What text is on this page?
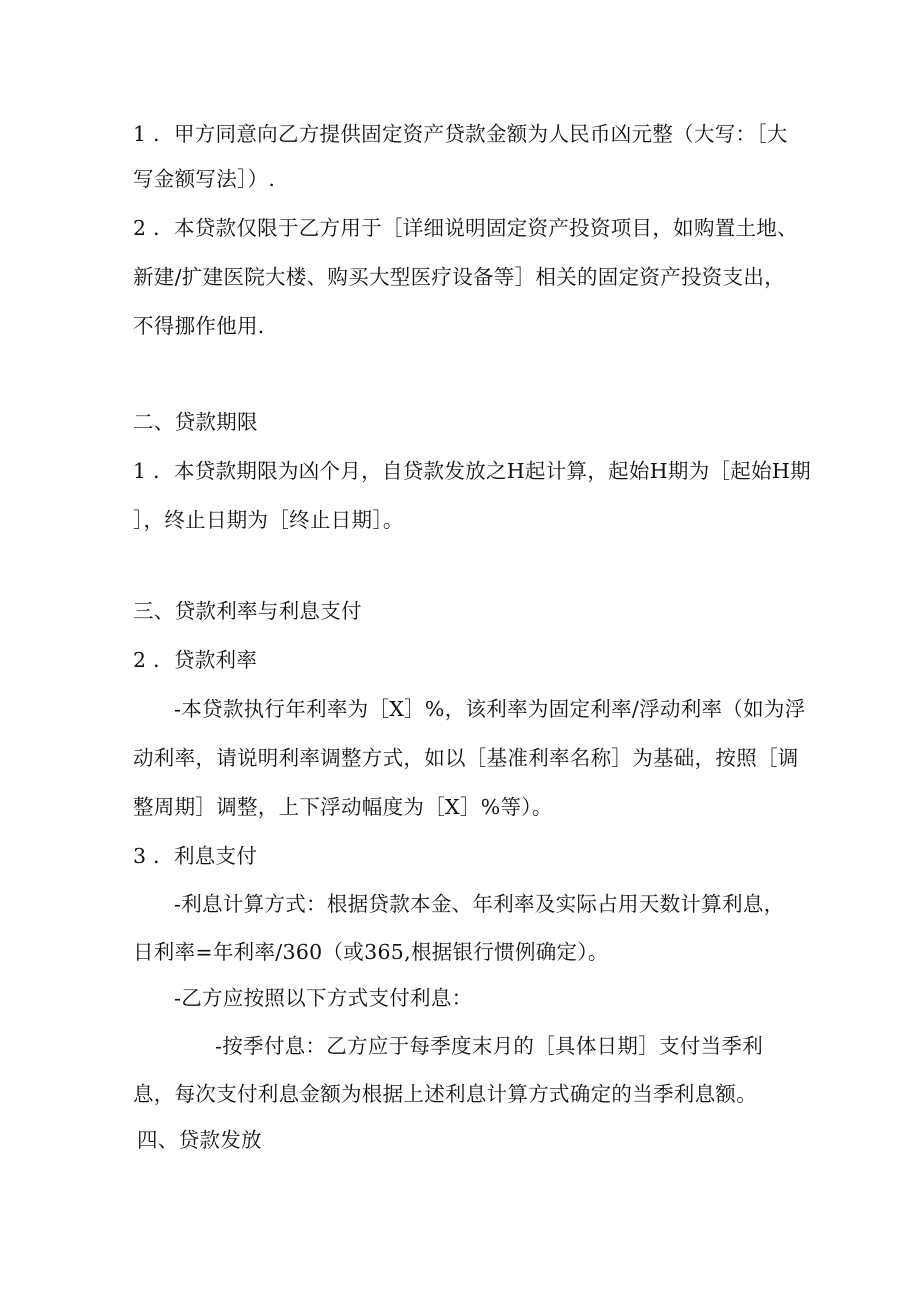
1 ．甲方同意向乙方提供固定资产贷款金额为人民币凶元整（大写：［大
写金额写法］）.
2 ．本贷款仅限于乙方用于［详细说明固定资产投资项目，如购置土地、
新建/扩建医院大楼、购买大型医疗设备等］相关的固定资产投资支出，
不得挪作他用.
二、贷款期限
1 ．本贷款期限为凶个月，自贷款发放之H起计算，起始H期为［起始H期
］，终止日期为［终止日期］。
三、贷款利率与利息支付
2 ．贷款利率
-本贷款执行年利率为［X］%，该利率为固定利率/浮动利率（如为浮
动利率，请说明利率调整方式，如以［基准利率名称］为基础，按照［调
整周期］调整，上下浮动幅度为［X］%等）。
3 ．利息支付
-利息计算方式：根据贷款本金、年利率及实际占用天数计算利息，
日利率=年利率/360（或365,根据银行惯例确定）。
-乙方应按照以下方式支付利息：
-按季付息：乙方应于每季度末月的［具体日期］支付当季利
息，每次支付利息金额为根据上述利息计算方式确定的当季利息额。
四、贷款发放
